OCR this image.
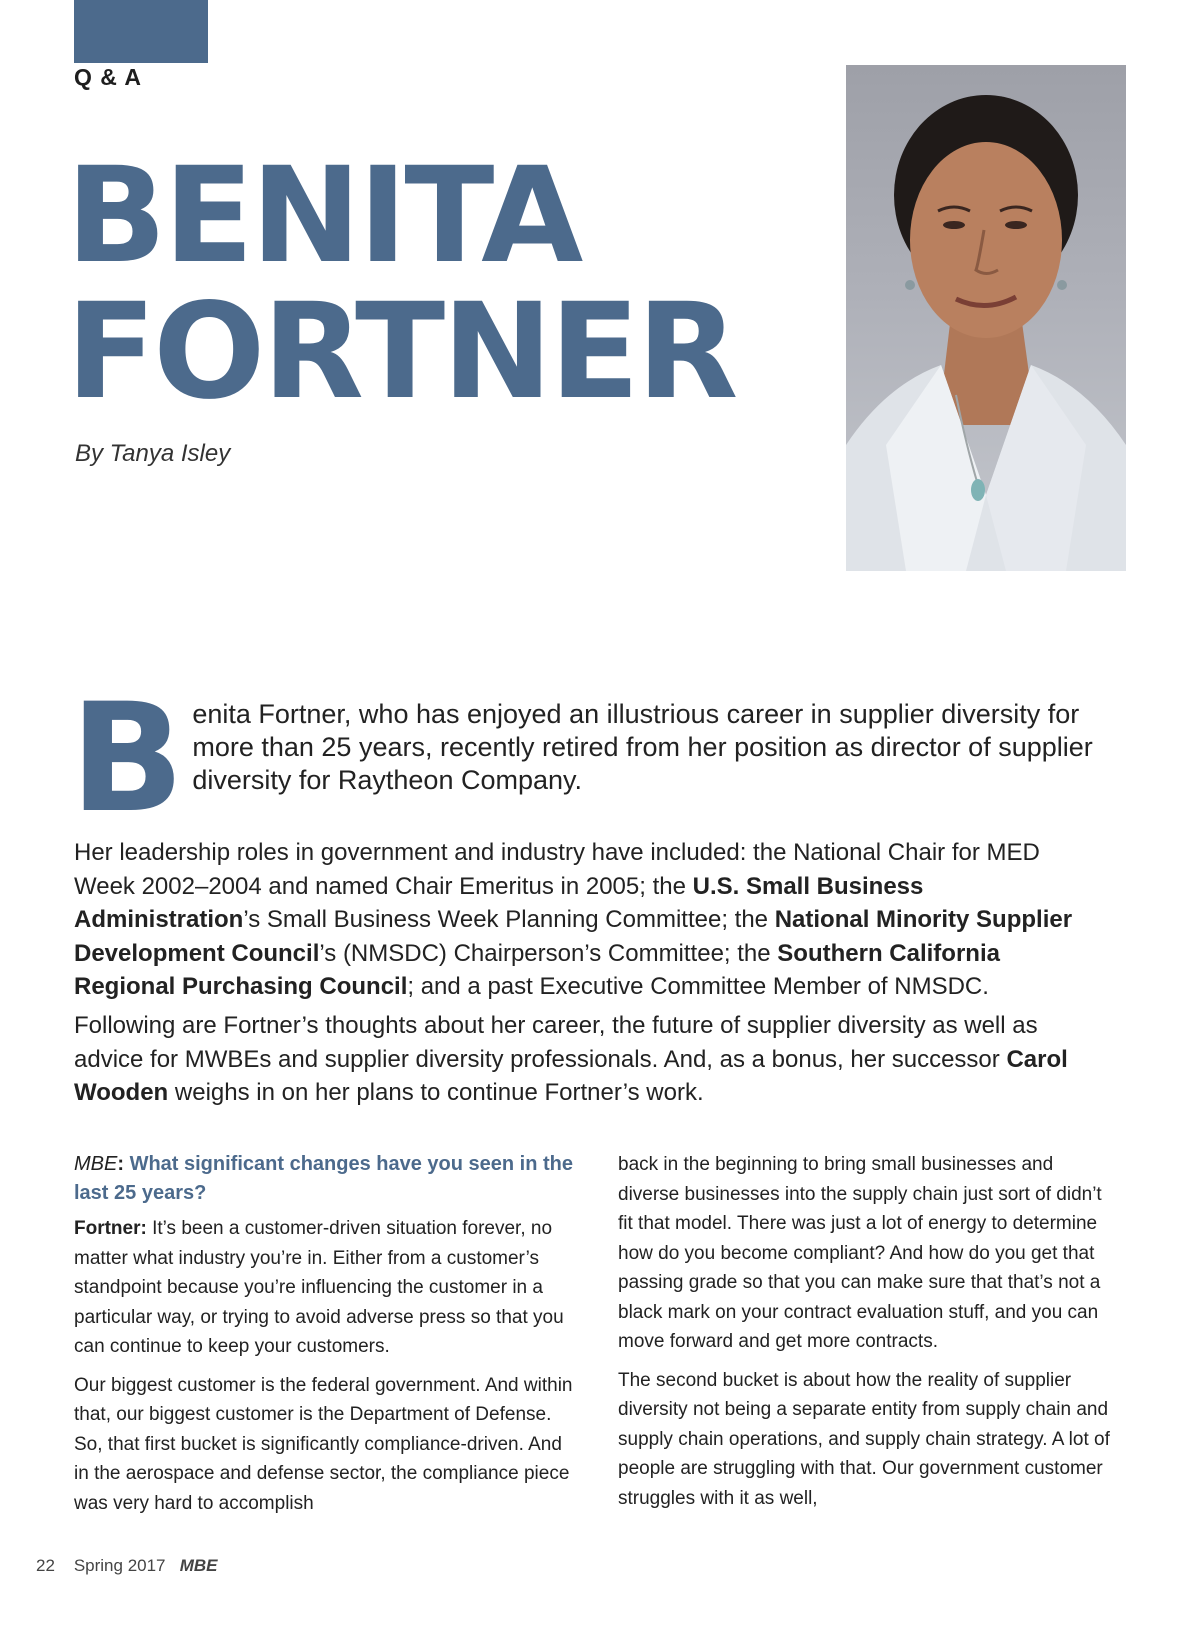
Q & A
BENITA
FORTNER
By Tanya Isley
B enita Fortner, who has enjoyed an illustrious career in supplier diversity for more than 25 years, recently retired from her position as director of supplier diversity for Raytheon Company.

Her leadership roles in government and industry have included: the National Chair for MED Week 2002–2004 and named Chair Emeritus in 2005; the U.S. Small Business Administration’s Small Business Week Planning Committee; the National Minority Supplier Development Council’s (NMSDC) Chairperson’s Committee; the Southern California Regional Purchasing Council; and a past Executive Committee Member of NMSDC.

Following are Fortner’s thoughts about her career, the future of supplier diversity as well as advice for MWBEs and supplier diversity professionals. And, as a bonus, her successor Carol Wooden weighs in on her plans to continue Fortner’s work.

MBE: What significant changes have you seen in the last 25 years?

Fortner: It’s been a customer-driven situation forever, no matter what industry you’re in. Either from a customer’s standpoint because you’re influencing the customer in a particular way, or trying to avoid adverse press so that you can continue to keep your customers.

Our biggest customer is the federal government. And within that, our biggest customer is the Department of Defense. So, that first bucket is significantly compliance-driven. And in the aerospace and defense sector, the compliance piece was very hard to accomplish

back in the beginning to bring small businesses and diverse businesses into the supply chain just sort of didn’t fit that model. There was just a lot of energy to determine how do you become compliant? And how do you get that passing grade so that you can make sure that that’s not a black mark on your contract evaluation stuff, and you can move forward and get more contracts.

The second bucket is about how the reality of supplier diversity not being a separate entity from supply chain and supply chain operations, and supply chain strategy. A lot of people are struggling with that. Our government customer struggles with it as well,

22 Spring 2017 MBE
